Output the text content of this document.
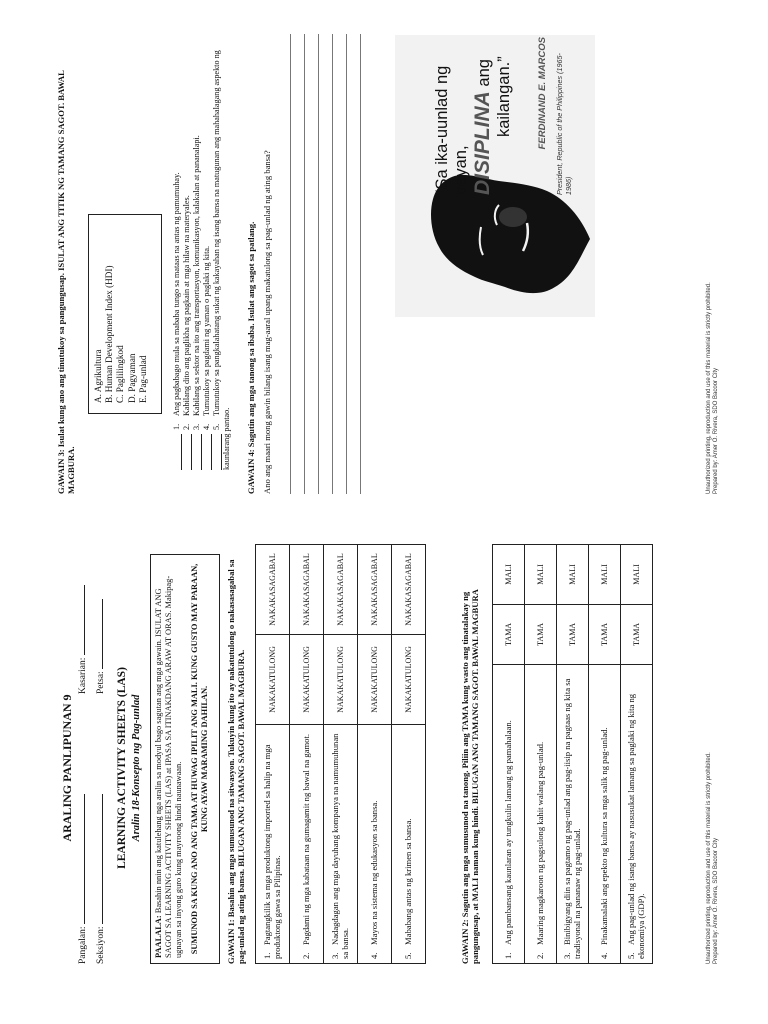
ARALING PANLIPUNAN 9
Pangalan:
Kasarian:
Seksiyon:
Petsa: LEARNING ACTIVITY SHEETS (LAS) Aralin 18-Konsepto ng Pag-unlad
PAALALA: Basahin nnin ang katulehang nga aralin sa modyul bago sagutan ang mga gawain. ISULAT ANG SAGOT SA LEARNING ACTIVITY SHEETS (LAS) at IPASA SA ITINAKDANG ARAW AT ORAS. Makipag-ugnayan sa inyong guro kung mayroong hindi naunawaan. SUMUNOD SA KUNG ANO ANG TAMA AT HUWAG IPILIT ANG MALI. KUNG GUSTO MAY PARAAN, KUNG AYAW MARAMING DAHILAN.
GAWAIN 1: Basahin ang mga sumusunod na sitwasyon. Tukuyin kung ito ay nakatutulong o nakasasagabal sa pag-unlad ng ating bansa. BILUGAN ANG TAMANG SAGOT. BAWAL MAGBURA. 1.Pagtangkilik sa mga produktong imported sa halip na mga produktong gawa sa Pilipinas.	NAKAKATULONG	NAKAKASAGABAL
2.Pagdami ng mga kabataan na gumagamit ng bawal na gamot.	NAKAKATULONG	NAKAKASAGABAL
3.Nadagdagan ang mga dayuhang kompanya na namumuhunan sa bansa.	NAKAKATULONG	NAKAKASAGABAL
4.Mayos na sistema ng edukasyon sa bansa.	NAKAKATULONG	NAKAKASAGABAL
5.Mababang antas ng krimen sa bansa.	NAKAKATULONG	NAKAKASAGABAL
GAWAIN 2: Sagutin ang mga sumusunod na tanong. Piliin ang TAMA kung wasto ang tinatalakay ng pangungusap, at MALI naman kung hindi. BILUGAN ANG TAMANG SAGOT. BAWAL MAGBURA	1.Ang pambansang kaunlaran ay tungkulin lamang ng pamahalaan.	TAMA	MALI
2.Maaring magkaroon ng pagsulong kahit walang pag-unlad.	TAMA	MALI
3.Binibigyang diin sa pagtamo ng pag-unlad ang pag-iisip na pagtaas ng kita sa tradisyonal na pananaw ng pag-unlad.	TAMA	MALI
4.Pinakamalaki ang epekto ng kultura sa mga salik ng pag-unlad.	TAMA	MALI
5.Ang pag-unlad ng isang bansa ay nasusukat lamang sa paglaki ng kita ng ekonomiya (GDP).	TAMA	MALI
Unauthorized printing, reproduction and use of this material is strictly prohibited. Prepared by: Amer O. Rivera, SDO Bacoor City
GAWAIN 3: Isulat kung ano ang tinutukoy sa pangungusap. ISULAT ANG TITIK NG TAMANG SAGOT. BAWAL MAGBURA.
A. Agrikultura B. Human Development Index (HDI) C. Paglilingkod D. Pagyaman E. Pag-unlad
1.Ang pagbabago mula sa mababa tungo sa mataas na antas ng pamumuhay.
2.Kabilang dito ang paglikha ng pagkain at mga hilaw na materyales.
3.Kabilang sa sektor na ito ang transportasyon, komunikasyon, kalakalan at pananalapi.
4.Tumutukoy sa pagdami ng yaman o paglaki ng kita.
5.Tumutukoy sa pangkalahatang sukat ng kakayahan ng isang bansa na matugunan ang mahahalagang aspekto ng kaunlarang pantao.
GAWAIN 4: Sagutin ang mga tanong sa ibaba. Isulat ang sagot sa patlang. Ano ang maari mong gawin bilang isang mag-aaral upang makatulong sa pag-unlad ng ating bansa?
“Sa ika-uunlad ng bayan, DISIPLINA ang kailangan.”	FERDINAND E. MARCOS President, Republic of the Philippines (1965-1986)
Unauthorized printing, reproduction and use of this material is strictly prohibited. Prepared by: Amer O. Rivera, SDO Bacoor City
